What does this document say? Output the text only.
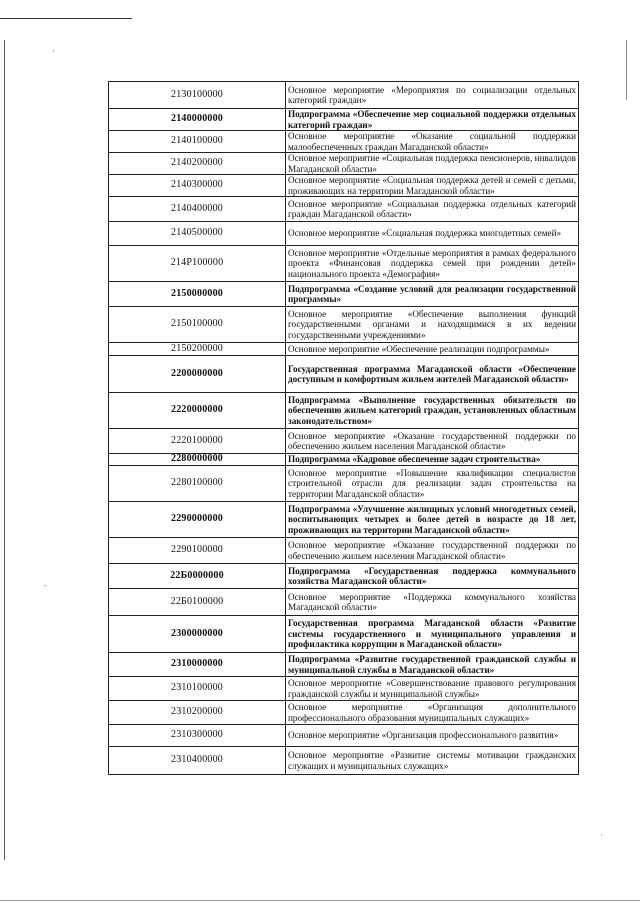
·
-
·
2130100000	Основное мероприятие «Мероприятия по социализации отдельных категорий граждан»
2140000000	Подпрограмма «Обеспечение мер социальной поддержки отдельных категорий граждан»
2140100000	Основное мероприятие «Оказание социальной поддержки малообеспеченных граждан Магаданской области»
2140200000	Основное мероприятие «Социальная поддержка пенсионеров, инвалидов Магаданской области»
2140300000	Основное мероприятие «Социальная поддержка детей и семей с детьми, проживающих на территории Магаданской области»
2140400000	Основное мероприятие «Социальная поддержка отдельных категорий граждан Магаданской области»
2140500000	Основное мероприятие «Социальная поддержка многодетных семей»
214P100000	Основное мероприятие «Отдельные мероприятия в рамках федерального проекта «Финансовая поддержка семей при рождении детей» национального проекта «Демография»
2150000000	Подпрограмма «Создание условий для реализации государственной программы»
2150100000	Основное мероприятие «Обеспечение выполнения функций государственными органами и находящимися в их ведении государственными учреждениями»
2150200000	Основное мероприятие «Обеспечение реализации подпрограммы»
2200000000	Государственная программа Магаданской области «Обеспечение доступным и комфортным жильем жителей Магаданской области»
2220000000	Подпрограмма «Выполнение государственных обязательств по обеспечению жильем категорий граждан, установленных областным законодательством»
2220100000	Основное мероприятие «Оказание государственной поддержки по обеспечению жильем населения Магаданской области»
2280000000	Подпрограмма «Кадровое обеспечение задач строительства»
2280100000	Основное мероприятие «Повышение квалификации специалистов строительной отрасли для реализации задач строительства на территории Магаданской области»
2290000000	Подпрограмма «Улучшение жилищных условий многодетных семей, воспитывающих четырех и более детей в возрасте до 18 лет, проживающих на территории Магаданской области»
2290100000	Основное мероприятие «Оказание государственной поддержки по обеспечению жильем населения Магаданской области»
22Б0000000	Подпрограмма «Государственная поддержка коммунального хозяйства Магаданской области»
22Б0100000	Основное мероприятие «Поддержка коммунального хозяйства Магаданской области»
2300000000	Государственная программа Магаданской области «Развитие системы государственного и муниципального управления и профилактика коррупции в Магаданской области»
2310000000	Подпрограмма «Развитие государственной гражданской службы и муниципальной службы в Магаданской области»
2310100000	Основное мероприятие «Совершенствование правового регулирования гражданской службы и муниципальной службы»
2310200000	Основное мероприятие «Организация дополнительного профессионального образования муниципальных служащих»
2310300000	Основное мероприятие «Организация профессионального развития»
2310400000	Основное мероприятие «Развитие системы мотивации гражданских служащих и муниципальных служащих»
